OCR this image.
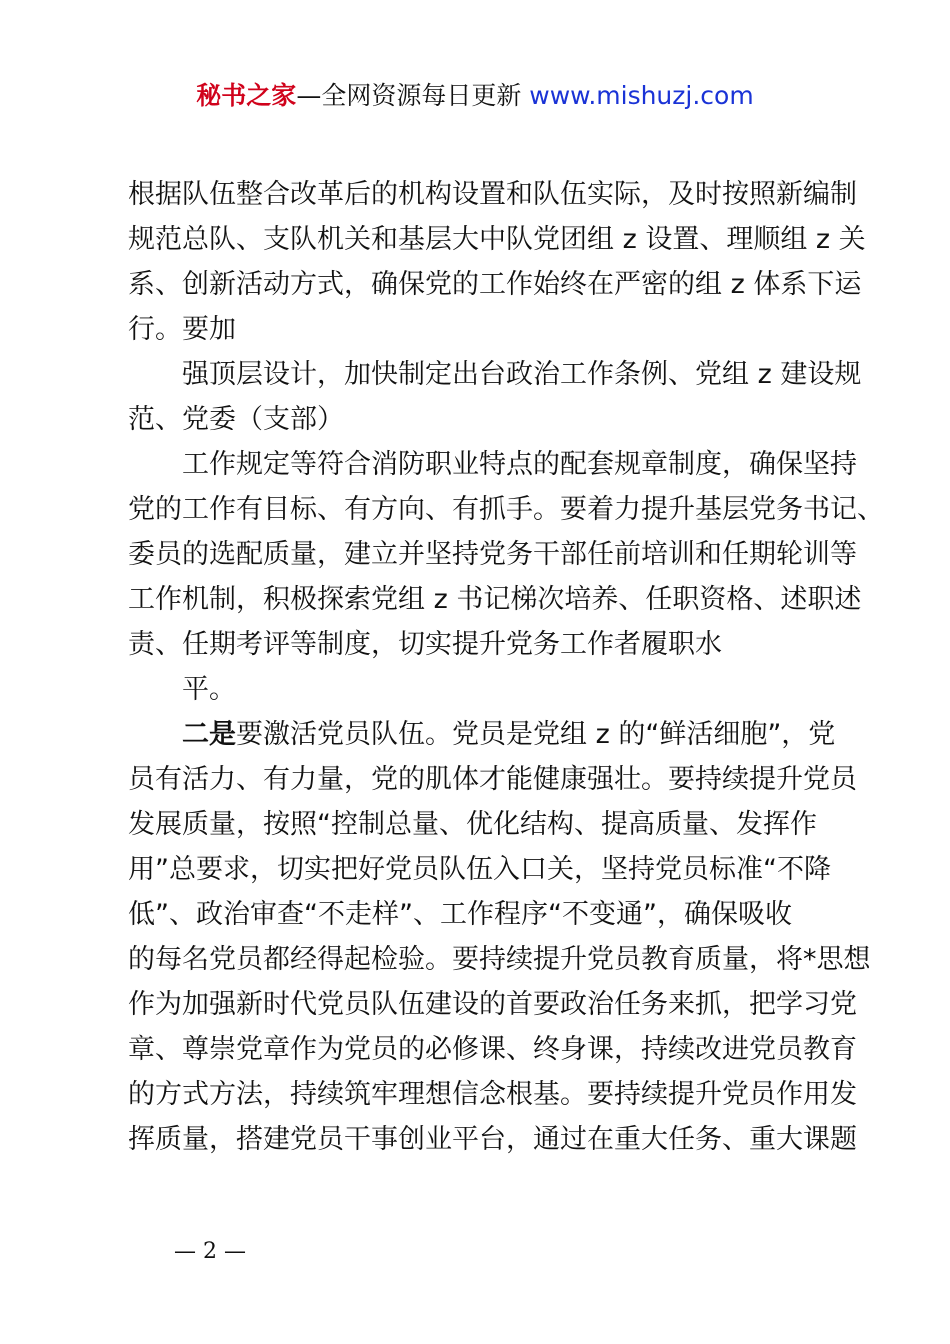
秘书之家—全网资源每日更新 www.mishuzj.com
根据队伍整合改革后的机构设置和队伍实际，及时按照新编制
规范总队、支队机关和基层大中队党团组 z 设置、理顺组 z 关
系、创新活动方式，确保党的工作始终在严密的组 z 体系下运
行。要加
强顶层设计，加快制定出台政治工作条例、党组 z 建设规
范、党委（支部）
工作规定等符合消防职业特点的配套规章制度，确保坚持
党的工作有目标、有方向、有抓手。要着力提升基层党务书记、
委员的选配质量，建立并坚持党务干部任前培训和任期轮训等
工作机制，积极探索党组 z 书记梯次培养、任职资格、述职述
责、任期考评等制度，切实提升党务工作者履职水
平。
二是要激活党员队伍。党员是党组 z 的“鲜活细胞”，党
员有活力、有力量，党的肌体才能健康强壮。要持续提升党员
发展质量，按照“控制总量、优化结构、提高质量、发挥作
用”总要求，切实把好党员队伍入口关，坚持党员标准“不降
低”、政治审查“不走样”、工作程序“不变通”，确保吸收
的每名党员都经得起检验。要持续提升党员教育质量，将*思想
作为加强新时代党员队伍建设的首要政治任务来抓，把学习党
章、尊崇党章作为党员的必修课、终身课，持续改进党员教育
的方式方法，持续筑牢理想信念根基。要持续提升党员作用发
挥质量，搭建党员干事创业平台，通过在重大任务、重大课题
— 2 —
